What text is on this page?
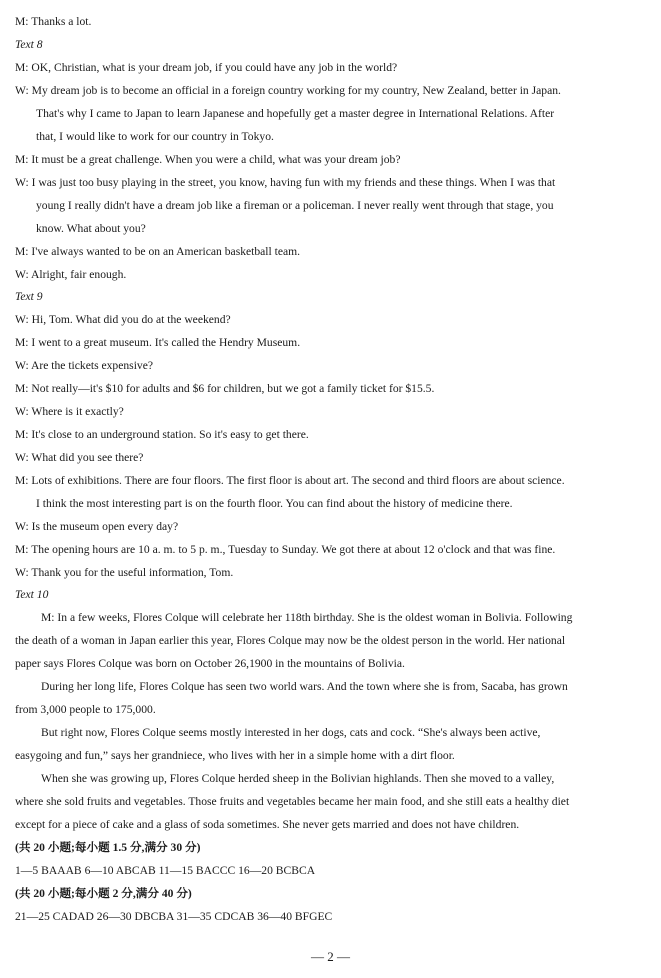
M: Thanks a lot.
Text 8
M: OK, Christian, what is your dream job, if you could have any job in the world?
W: My dream job is to become an official in a foreign country working for my country, New Zealand, better in Japan.
That's why I came to Japan to learn Japanese and hopefully get a master degree in International Relations. After
that, I would like to work for our country in Tokyo.
M: It must be a great challenge. When you were a child, what was your dream job?
W: I was just too busy playing in the street, you know, having fun with my friends and these things. When I was that
young I really didn't have a dream job like a fireman or a policeman. I never really went through that stage, you
know. What about you?
M: I've always wanted to be on an American basketball team.
W: Alright, fair enough.
Text 9
W: Hi, Tom. What did you do at the weekend?
M: I went to a great museum. It's called the Hendry Museum.
W: Are the tickets expensive?
M: Not really—it's $10 for adults and $6 for children, but we got a family ticket for $15.5.
W: Where is it exactly?
M: It's close to an underground station. So it's easy to get there.
W: What did you see there?
M: Lots of exhibitions. There are four floors. The first floor is about art. The second and third floors are about science.
I think the most interesting part is on the fourth floor. You can find about the history of medicine there.
W: Is the museum open every day?
M: The opening hours are 10 a. m. to 5 p. m., Tuesday to Sunday. We got there at about 12 o'clock and that was fine.
W: Thank you for the useful information, Tom.
Text 10
M: In a few weeks, Flores Colque will celebrate her 118th birthday. She is the oldest woman in Bolivia. Following
the death of a woman in Japan earlier this year, Flores Colque may now be the oldest person in the world. Her national
paper says Flores Colque was born on October 26,1900 in the mountains of Bolivia.
During her long life, Flores Colque has seen two world wars. And the town where she is from, Sacaba, has grown
from 3,000 people to 175,000.
But right now, Flores Colque seems mostly interested in her dogs, cats and cock. “She's always been active,
easygoing and fun,” says her grandniece, who lives with her in a simple home with a dirt floor.
When she was growing up, Flores Colque herded sheep in the Bolivian highlands. Then she moved to a valley,
where she sold fruits and vegetables. Those fruits and vegetables became her main food, and she still eats a healthy diet
except for a piece of cake and a glass of soda sometimes. She never gets married and does not have children.
(共 20 小题;每小题 1.5 分,满分 30 分)
1—5 BAAAB 6—10 ABCAB 11—15 BACCC 16—20 BCBCA
(共 20 小题;每小题 2 分,满分 40 分)
21—25 CADAD 26—30 DBCBA 31—35 CDCAB 36—40 BFGEC
— 2 —
